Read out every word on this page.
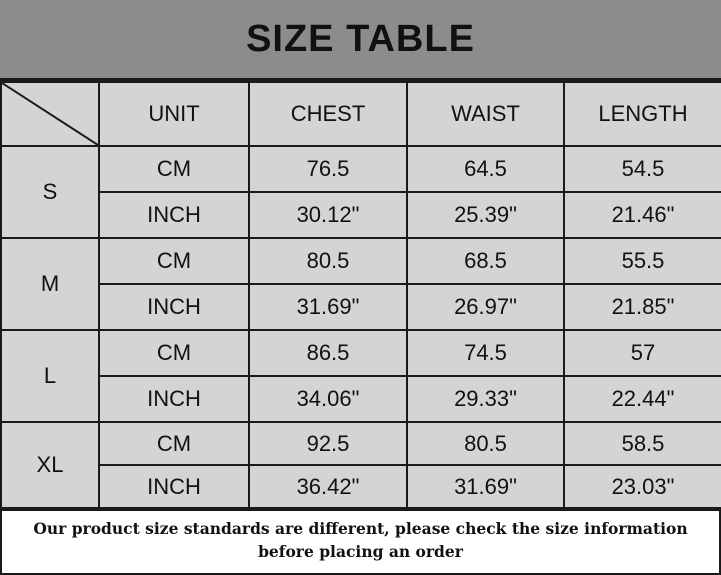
SIZE TABLE
	UNIT	CHEST	WAIST	LENGTH
S	CM	76.5	64.5	54.5
	INCH	30.12"	25.39"	21.46"
M	CM	80.5	68.5	55.5
	INCH	31.69"	26.97"	21.85"
L	CM	86.5	74.5	57
	INCH	34.06"	29.33"	22.44"
XL	CM	92.5	80.5	58.5
	INCH	36.42"	31.69"	23.03"
Our product size standards are different, please check the size information
before placing an order
